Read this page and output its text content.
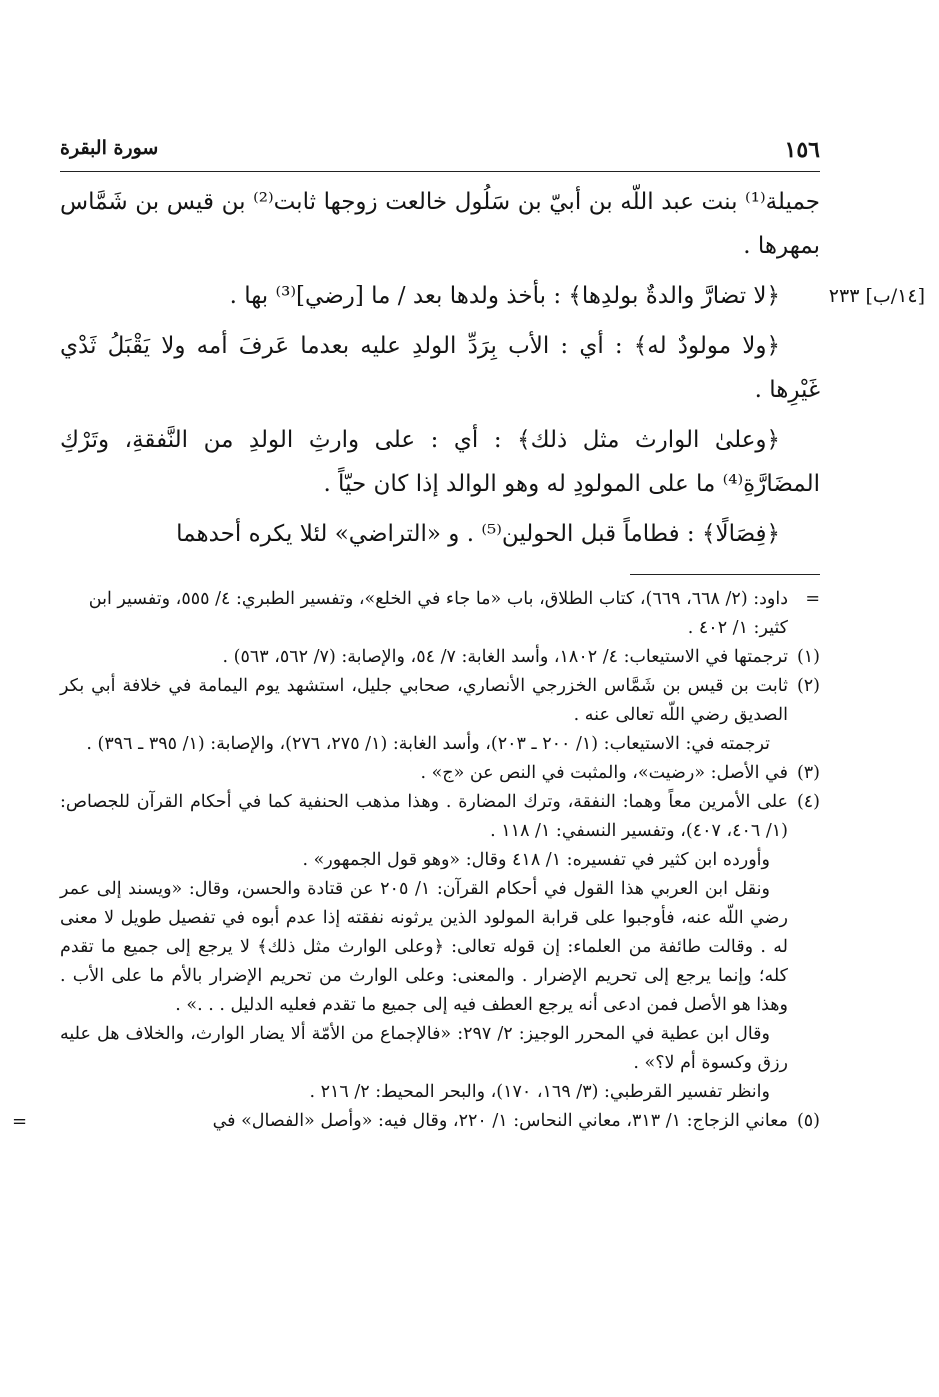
١٥٦
سورة البقرة
جميلة⁽¹⁾ بنت عبد اللّه بن أبيّ بن سَلُول خالعت زوجها ثابت⁽²⁾ بن قيس بن شَمَّاس بمهرها .
[١٤/ب] ٢٣٣
﴿لا تضارَّ والدةٌ بولدِها﴾ : بأخذ ولدها بعد / ما [رضي]⁽³⁾ بها .
﴿ولا مولودٌ له﴾ : أي : الأب بِرَدِّ الولدِ عليه بعدما عَرفَ أمه ولا يَقْبَلُ ثَدْي غَيْرِها .
﴿وعلىٰ الوارث مثل ذلك﴾ : أي : على وارثِ الولدِ من النَّفقةِ، وتَرْكِ المضَارَّةِ⁽⁴⁾ ما على المولودِ له وهو الوالد إذا كان حيّاً .
﴿فِصَالًا﴾ : فطاماً قبل الحولين⁽⁵⁾ . و «التراضي» لئلا يكره أحدهما
=
داود: (٢/ ٦٦٨، ٦٦٩)، كتاب الطلاق، باب «ما جاء في الخلع»، وتفسير الطبري: ٤/ ٥٥٥، وتفسير ابن كثير: ١/ ٤٠٢ .
(١)
ترجمتها في الاستيعاب: ٤/ ١٨٠٢، وأسد الغابة: ٧/ ٥٤، والإصابة: (٧/ ٥٦٢، ٥٦٣) .
(٢)
ثابت بن قيس بن شَمَّاس الخزرجي الأنصاري، صحابي جليل، استشهد يوم اليمامة في خلافة أبي بكر الصديق رضي اللّه تعالى عنه .
ترجمته في: الاستيعاب: (١/ ٢٠٠ ـ ٢٠٣)، وأسد الغابة: (١/ ٢٧٥، ٢٧٦)، والإصابة: (١/ ٣٩٥ ـ ٣٩٦) .
(٣)
في الأصل: «رضيت»، والمثبت في النص عن «ج» .
(٤)
على الأمرين معاً وهما: النفقة، وترك المضارة . وهذا مذهب الحنفية كما في أحكام القرآن للجصاص: (١/ ٤٠٦، ٤٠٧)، وتفسير النسفي: ١/ ١١٨ .
وأورده ابن كثير في تفسيره: ١/ ٤١٨ وقال: «وهو قول الجمهور» .
ونقل ابن العربي هذا القول في أحكام القرآن: ١/ ٢٠٥ عن قتادة والحسن، وقال: «ويسند إلى عمر رضي اللّه عنه، فأوجبوا على قرابة المولود الذين يرثونه نفقته إذا عدم أبوه في تفصيل طويل لا معنى له . وقالت طائفة من العلماء: إن قوله تعالى: ﴿وعلى الوارث مثل ذلك﴾ لا يرجع إلى جميع ما تقدم كله؛ وإنما يرجع إلى تحريم الإضرار . والمعنى: وعلى الوارث من تحريم الإضرار بالأم ما على الأب . وهذا هو الأصل فمن ادعى أنه يرجع العطف فيه إلى جميع ما تقدم فعليه الدليل . . .» .
وقال ابن عطية في المحرر الوجيز: ٢/ ٢٩٧: «فالإجماع من الأمّة ألا يضار الوارث، والخلاف هل عليه رزق وكسوة أم لا؟» .
وانظر تفسير القرطبي: (٣/ ١٦٩، ١٧٠)، والبحر المحيط: ٢/ ٢١٦ .
(٥)
معاني الزجاج: ١/ ٣١٣، معاني النحاس: ١/ ٢٢٠، وقال فيه: «وأصل «الفصال» في
=
